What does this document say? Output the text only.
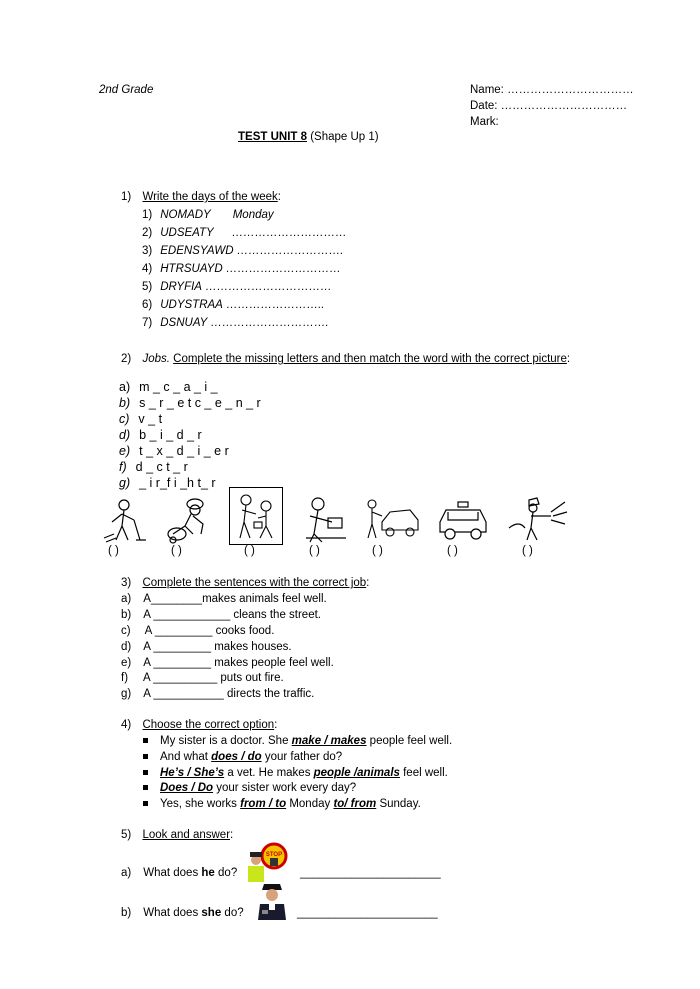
2nd Grade	Name: ……………………………
Date: ……………………………
Mark:
TEST UNIT 8 (Shape Up 1)
1) Write the days of the week:
1) NOMADY Monday
2) UDSEATY …………………………
3) EDENSYAWD ……………………….
4) HTRSUAYD …………………………
5) DRYFIA ……………………………
6) UDYSTRAA ……………………..
7) DSNUAY ………………………….
2) Jobs. Complete the missing letters and then match the word with the correct picture:
a) m _ c _ a _ i _
b) s _ r _ e t c _ e _ n _ r
c) v _ t
d) b _ i _ d _ r
e) t _ x _ d _ i _ e r
f) d _ c t _ r
g) _ i r_f i _h t_ r
( )	( )	( )	( )	( )	( )	( )
3) Complete the sentences with the correct job:
a) A________makes animals feel well.
b) A ____________ cleans the street.
c) A _________ cooks food.
d) A _________ makes houses.
e) A _________ makes people feel well.
f) A __________ puts out fire.
g) A ___________ directs the traffic.
4) Choose the correct option:
My sister is a doctor. She make / makes people feel well.
And what does / do your father do?
He’s / She’s a vet. He makes people /animals feel well.
Does / Do your sister work every day?
Yes, she works from / to Monday to/ from Sunday.
5) Look and answer:
STOP
a) What does he do?	______________________
b) What does she do?	______________________
